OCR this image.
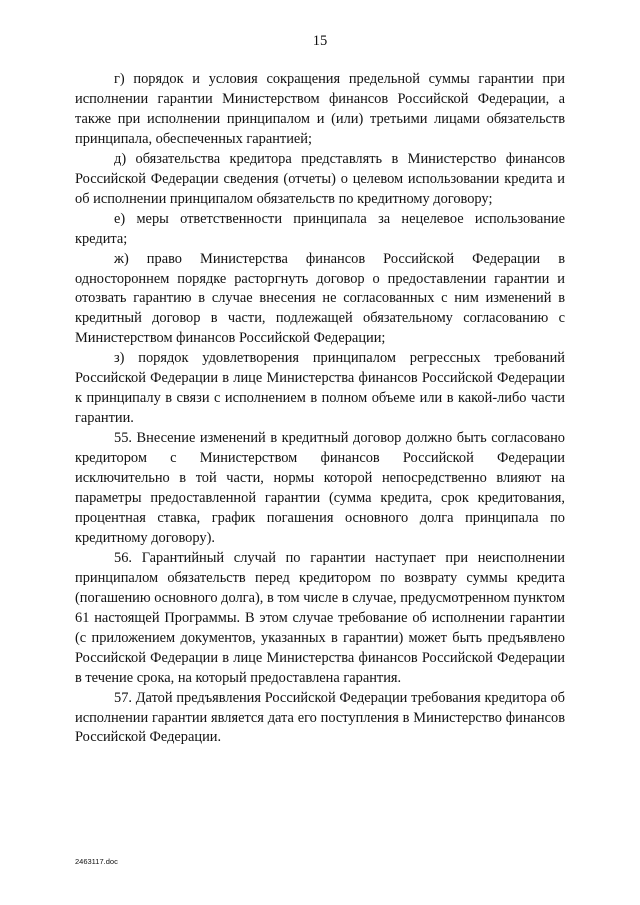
15

г) порядок и условия сокращения предельной суммы гарантии при исполнении гарантии Министерством финансов Российской Федерации, а также при исполнении принципалом и (или) третьими лицами обязательств принципала, обеспеченных гарантией;

д) обязательства кредитора представлять в Министерство финансов Российской Федерации сведения (отчеты) о целевом использовании кредита и об исполнении принципалом обязательств по кредитному договору;

е) меры ответственности принципала за нецелевое использование кредита;

ж) право Министерства финансов Российской Федерации в одностороннем порядке расторгнуть договор о предоставлении гарантии и отозвать гарантию в случае внесения не согласованных с ним изменений в кредитный договор в части, подлежащей обязательному согласованию с Министерством финансов Российской Федерации;

з) порядок удовлетворения принципалом регрессных требований Российской Федерации в лице Министерства финансов Российской Федерации к принципалу в связи с исполнением в полном объеме или в какой-либо части гарантии.

55. Внесение изменений в кредитный договор должно быть согласовано кредитором с Министерством финансов Российской Федерации исключительно в той части, нормы которой непосредственно влияют на параметры предоставленной гарантии (сумма кредита, срок кредитования, процентная ставка, график погашения основного долга принципала по кредитному договору).

56. Гарантийный случай по гарантии наступает при неисполнении принципалом обязательств перед кредитором по возврату суммы кредита (погашению основного долга), в том числе в случае, предусмотренном пунктом 61 настоящей Программы. В этом случае требование об исполнении гарантии (с приложением документов, указанных в гарантии) может быть предъявлено Российской Федерации в лице Министерства финансов Российской Федерации в течение срока, на который предоставлена гарантия.

57. Датой предъявления Российской Федерации требования кредитора об исполнении гарантии является дата его поступления в Министерство финансов Российской Федерации.

2463117.doc
